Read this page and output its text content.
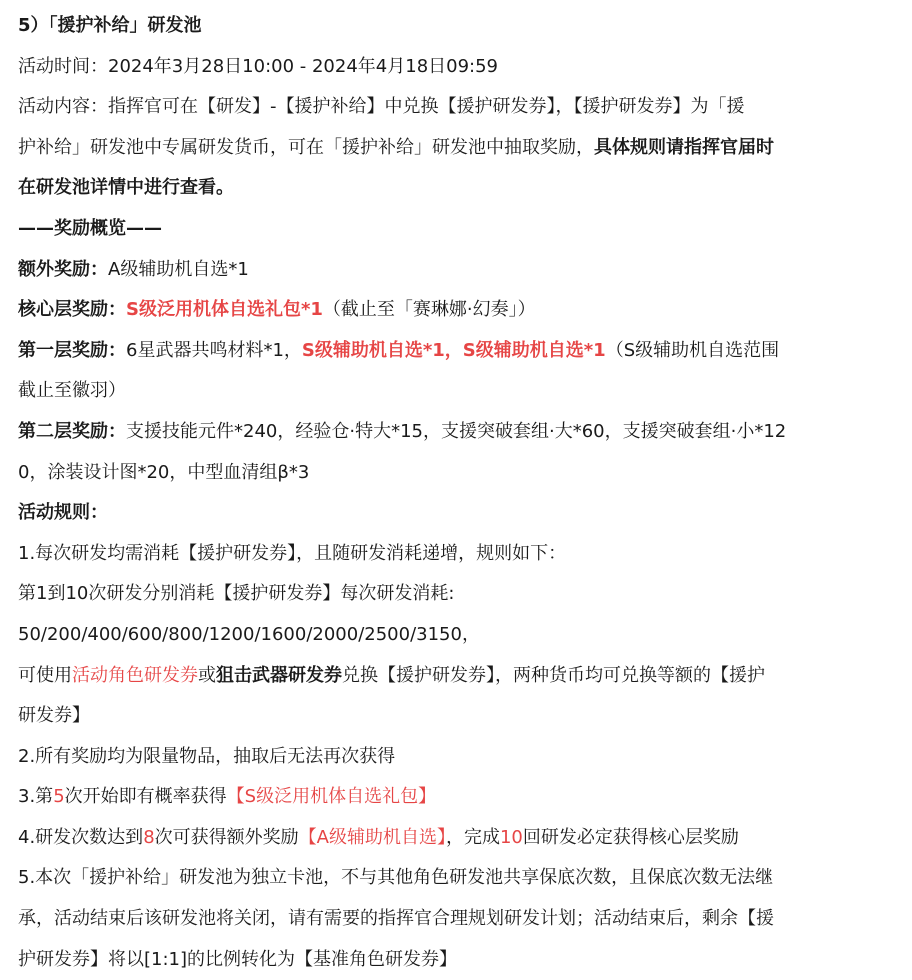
5）「援护补给」研发池
活动时间：2024年3月28日10:00 - 2024年4月18日09:59
活动内容：指挥官可在【研发】-【援护补给】中兑换【援护研发券】，【援护研发券】为「援
护补给」研发池中专属研发货币，可在「援护补给」研发池中抽取奖励，具体规则请指挥官届时
在研发池详情中进行查看。
——奖励概览——
额外奖励：A级辅助机自选*1
核心层奖励：S级泛用机体自选礼包*1（截止至「赛琳娜·幻奏」）
第一层奖励：6星武器共鸣材料*1，S级辅助机自选*1，S级辅助机自选*1（S级辅助机自选范围
截止至徽羽）
第二层奖励：支援技能元件*240，经验仓·特大*15，支援突破套组·大*60，支援突破套组·小*12
0，涂装设计图*20，中型血清组β*3
活动规则：
1.每次研发均需消耗【援护研发券】，且随研发消耗递增，规则如下：
第1到10次研发分别消耗【援护研发券】每次研发消耗:
50/200/400/600/800/1200/1600/2000/2500/3150，
可使用活动角色研发券或狙击武器研发券兑换【援护研发券】，两种货币均可兑换等额的【援护
研发券】
2.所有奖励均为限量物品，抽取后无法再次获得
3.第5次开始即有概率获得【S级泛用机体自选礼包】
4.研发次数达到8次可获得额外奖励【A级辅助机自选】，完成10回研发必定获得核心层奖励
5.本次「援护补给」研发池为独立卡池，不与其他角色研发池共享保底次数，且保底次数无法继
承，活动结束后该研发池将关闭，请有需要的指挥官合理规划研发计划；活动结束后，剩余【援
护研发券】将以[1:1]的比例转化为【基准角色研发券】
